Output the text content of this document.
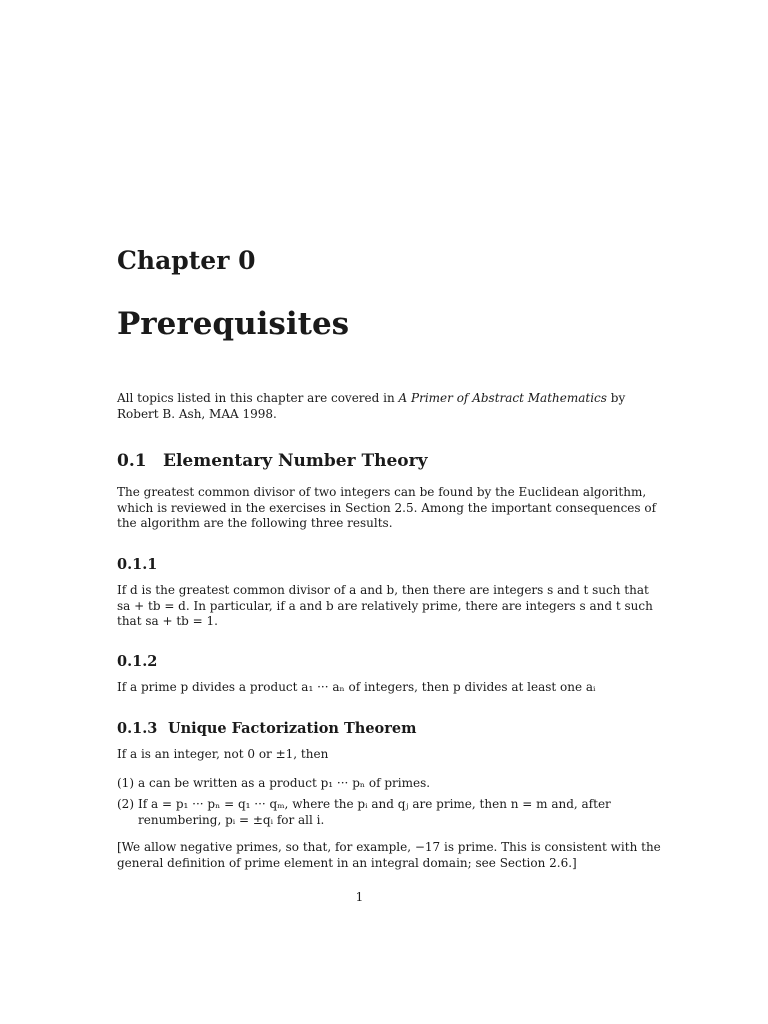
Chapter 0
Prerequisites
All topics listed in this chapter are covered in A Primer of Abstract Mathematics by
Robert B. Ash, MAA 1998.
0.1 Elementary Number Theory
The greatest common divisor of two integers can be found by the Euclidean algorithm,
which is reviewed in the exercises in Section 2.5. Among the important consequences of
the algorithm are the following three results.
0.1.1
If d is the greatest common divisor of a and b, then there are integers s and t such that
sa + tb = d. In particular, if a and b are relatively prime, there are integers s and t such
that sa + tb = 1.
0.1.2
If a prime p divides a product a₁ ··· aₙ of integers, then p divides at least one aᵢ
0.1.3 Unique Factorization Theorem
If a is an integer, not 0 or ±1, then
(1) a can be written as a product p₁ ··· pₙ of primes.
(2) If a = p₁ ··· pₙ = q₁ ··· qₘ, where the pᵢ and qⱼ are prime, then n = m and, after
renumbering, pᵢ = ±qᵢ for all i.
[We allow negative primes, so that, for example, −17 is prime. This is consistent with the
general definition of prime element in an integral domain; see Section 2.6.]
1
